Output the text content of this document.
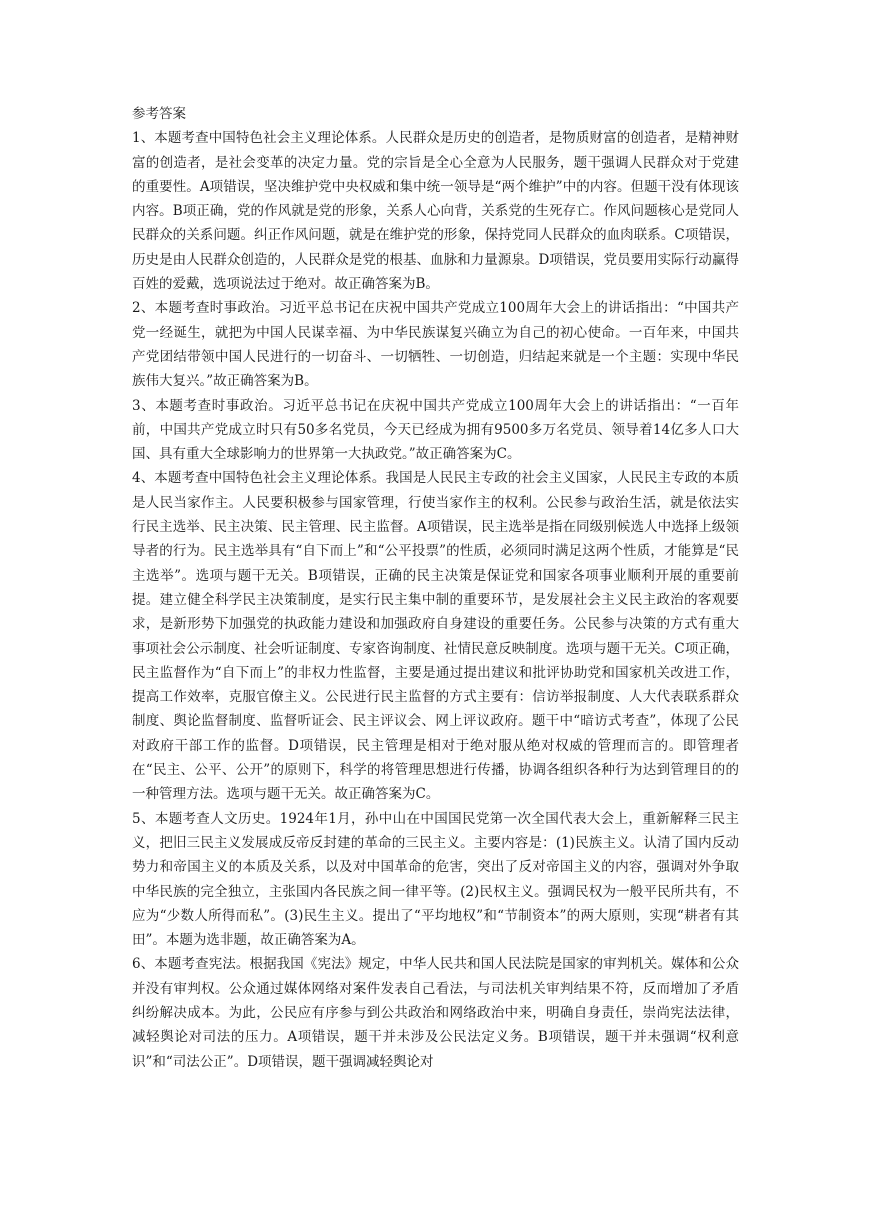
参考答案

1、本题考查中国特色社会主义理论体系。人民群众是历史的创造者，是物质财富的创造者，是精神财富的创造者，是社会变革的决定力量。党的宗旨是全心全意为人民服务，题干强调人民群众对于党建的重要性。A项错误，坚决维护党中央权威和集中统一领导是“两个维护”中的内容。但题干没有体现该内容。B项正确，党的作风就是党的形象，关系人心向背，关系党的生死存亡。作风问题核心是党同人民群众的关系问题。纠正作风问题，就是在维护党的形象，保持党同人民群众的血肉联系。C项错误，历史是由人民群众创造的，人民群众是党的根基、血脉和力量源泉。D项错误，党员要用实际行动赢得百姓的爱戴，选项说法过于绝对。故正确答案为B。

2、本题考查时事政治。习近平总书记在庆祝中国共产党成立100周年大会上的讲话指出：“中国共产党一经诞生，就把为中国人民谋幸福、为中华民族谋复兴确立为自己的初心使命。一百年来，中国共产党团结带领中国人民进行的一切奋斗、一切牺牲、一切创造，归结起来就是一个主题：实现中华民族伟大复兴。”故正确答案为B。

3、本题考查时事政治。习近平总书记在庆祝中国共产党成立100周年大会上的讲话指出：“一百年前，中国共产党成立时只有50多名党员，今天已经成为拥有9500多万名党员、领导着14亿多人口大国、具有重大全球影响力的世界第一大执政党。”故正确答案为C。

4、本题考查中国特色社会主义理论体系。我国是人民民主专政的社会主义国家，人民民主专政的本质是人民当家作主。人民要积极参与国家管理，行使当家作主的权利。公民参与政治生活，就是依法实行民主选举、民主决策、民主管理、民主监督。A项错误，民主选举是指在同级别候选人中选择上级领导者的行为。民主选举具有“自下而上”和“公平投票”的性质，必须同时满足这两个性质，才能算是“民主选举”。选项与题干无关。B项错误，正确的民主决策是保证党和国家各项事业顺利开展的重要前提。建立健全科学民主决策制度，是实行民主集中制的重要环节，是发展社会主义民主政治的客观要求，是新形势下加强党的执政能力建设和加强政府自身建设的重要任务。公民参与决策的方式有重大事项社会公示制度、社会听证制度、专家咨询制度、社情民意反映制度。选项与题干无关。C项正确，民主监督作为“自下而上”的非权力性监督，主要是通过提出建议和批评协助党和国家机关改进工作，提高工作效率，克服官僚主义。公民进行民主监督的方式主要有：信访举报制度、人大代表联系群众制度、舆论监督制度、监督听证会、民主评议会、网上评议政府。题干中“暗访式考查”，体现了公民对政府干部工作的监督。D项错误，民主管理是相对于绝对服从绝对权威的管理而言的。即管理者在“民主、公平、公开”的原则下，科学的将管理思想进行传播，协调各组织各种行为达到管理目的的一种管理方法。选项与题干无关。故正确答案为C。

5、本题考查人文历史。1924年1月，孙中山在中国国民党第一次全国代表大会上，重新解释三民主义，把旧三民主义发展成反帝反封建的革命的三民主义。主要内容是：(1)民族主义。认清了国内反动势力和帝国主义的本质及关系，以及对中国革命的危害，突出了反对帝国主义的内容，强调对外争取中华民族的完全独立，主张国内各民族之间一律平等。(2)民权主义。强调民权为一般平民所共有，不应为“少数人所得而私”。(3)民生主义。提出了“平均地权”和“节制资本”的两大原则，实现“耕者有其田”。本题为选非题，故正确答案为A。

6、本题考查宪法。根据我国《宪法》规定，中华人民共和国人民法院是国家的审判机关。媒体和公众并没有审判权。公众通过媒体网络对案件发表自己看法，与司法机关审判结果不符，反而增加了矛盾纠纷解决成本。为此，公民应有序参与到公共政治和网络政治中来，明确自身责任，崇尚宪法法律，减轻舆论对司法的压力。A项错误，题干并未涉及公民法定义务。B项错误，题干并未强调“权利意识”和“司法公正”。D项错误，题干强调减轻舆论对
